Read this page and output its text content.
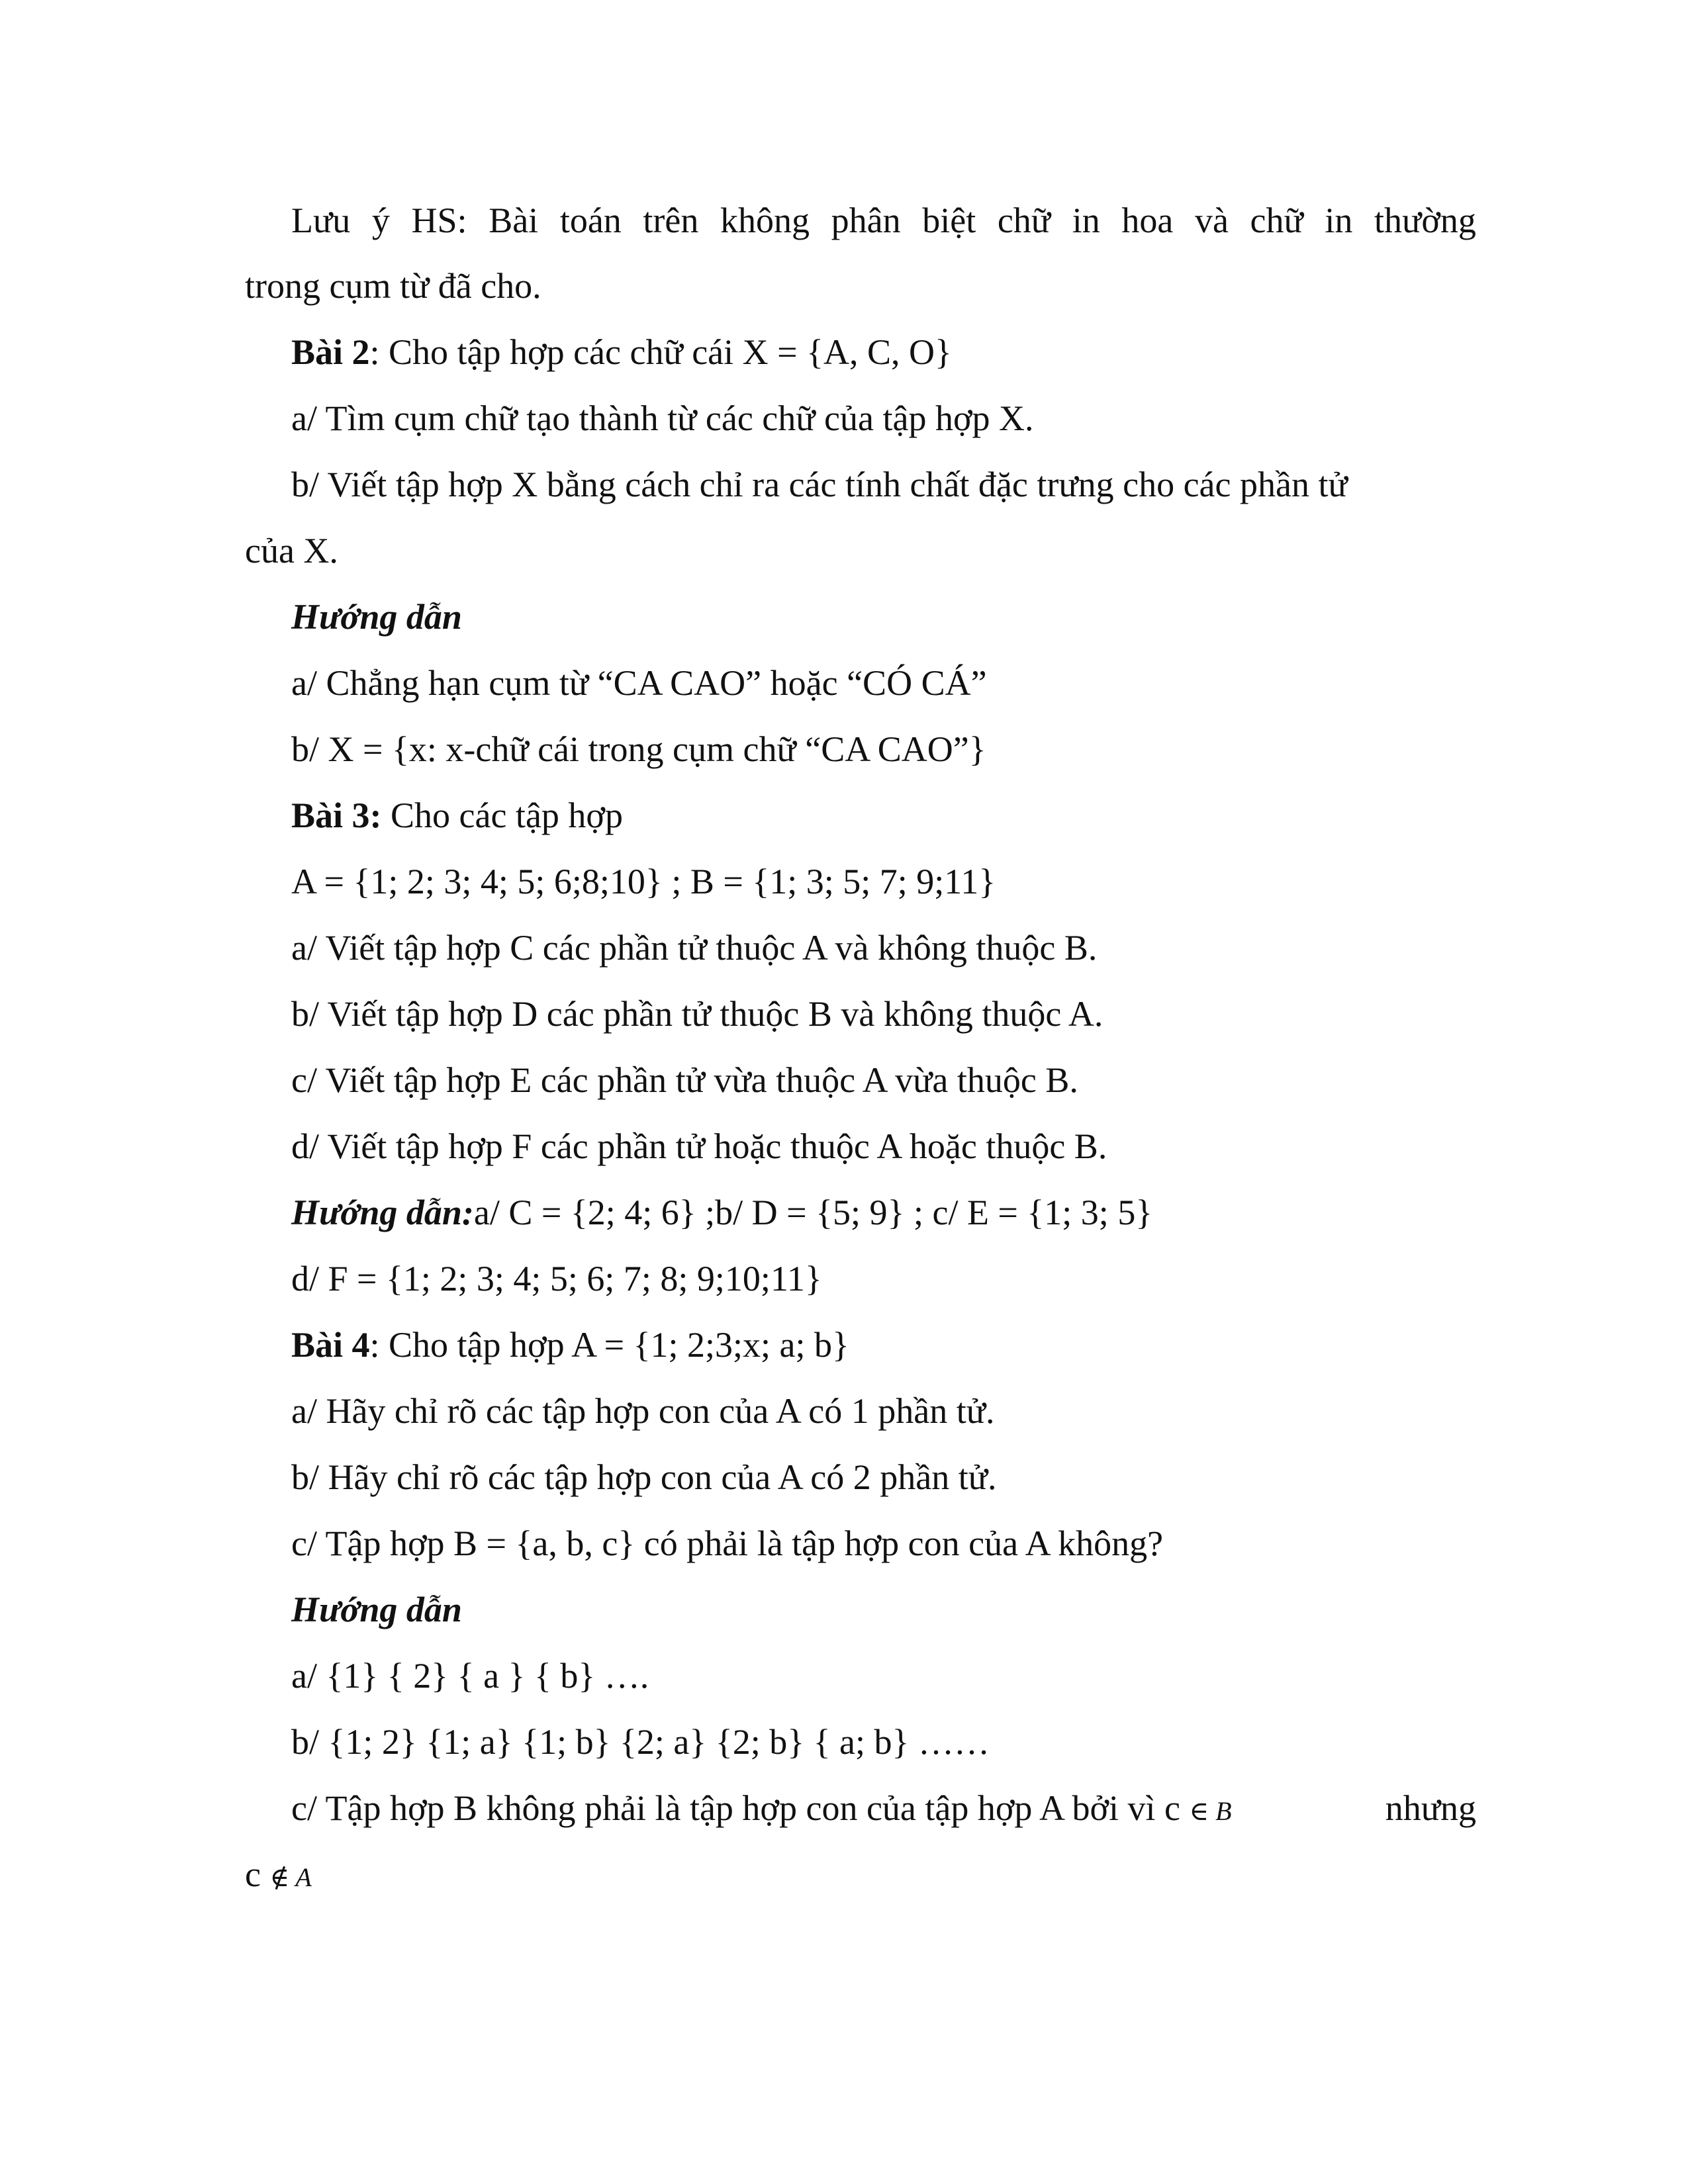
Lưu ý HS: Bài toán trên không phân biệt chữ in hoa và chữ in thường
trong cụm từ đã cho.
Bài 2: Cho tập hợp các chữ cái X = {A, C, O}
a/ Tìm cụm chữ tạo thành từ các chữ của tập hợp X.
b/ Viết tập hợp X bằng cách chỉ ra các tính chất đặc trưng cho các phần tử
của X.
Hướng dẫn
a/ Chẳng hạn cụm từ “CA CAO” hoặc “CÓ CÁ”
b/ X = {x: x-chữ cái trong cụm chữ “CA CAO”}
Bài 3: Cho các tập hợp
A = {1; 2; 3; 4; 5; 6;8;10} ; B = {1; 3; 5; 7; 9;11}
a/ Viết tập hợp C các phần tử thuộc A và không thuộc B.
b/ Viết tập hợp D các phần tử thuộc B và không thuộc A.
c/ Viết tập hợp E các phần tử vừa thuộc A vừa thuộc B.
d/ Viết tập hợp F các phần tử hoặc thuộc A hoặc thuộc B.
Hướng dẫn:a/ C = {2; 4; 6} ;b/ D = {5; 9} ; c/ E = {1; 3; 5}
d/ F = {1; 2; 3; 4; 5; 6; 7; 8; 9;10;11}
Bài 4: Cho tập hợp A = {1; 2;3;x; a; b}
a/ Hãy chỉ rõ các tập hợp con của A có 1 phần tử.
b/ Hãy chỉ rõ các tập hợp con của A có 2 phần tử.
c/ Tập hợp B = {a, b, c} có phải là tập hợp con của A không?
Hướng dẫn
a/ {1} { 2} { a } { b} ….
b/ {1; 2} {1; a} {1; b} {2; a} {2; b} { a; b} ……
c/ Tập hợp B không phải là tập hợp con của tập hợp A bởi vì c ∈ B	nhưng
c ∉ A
